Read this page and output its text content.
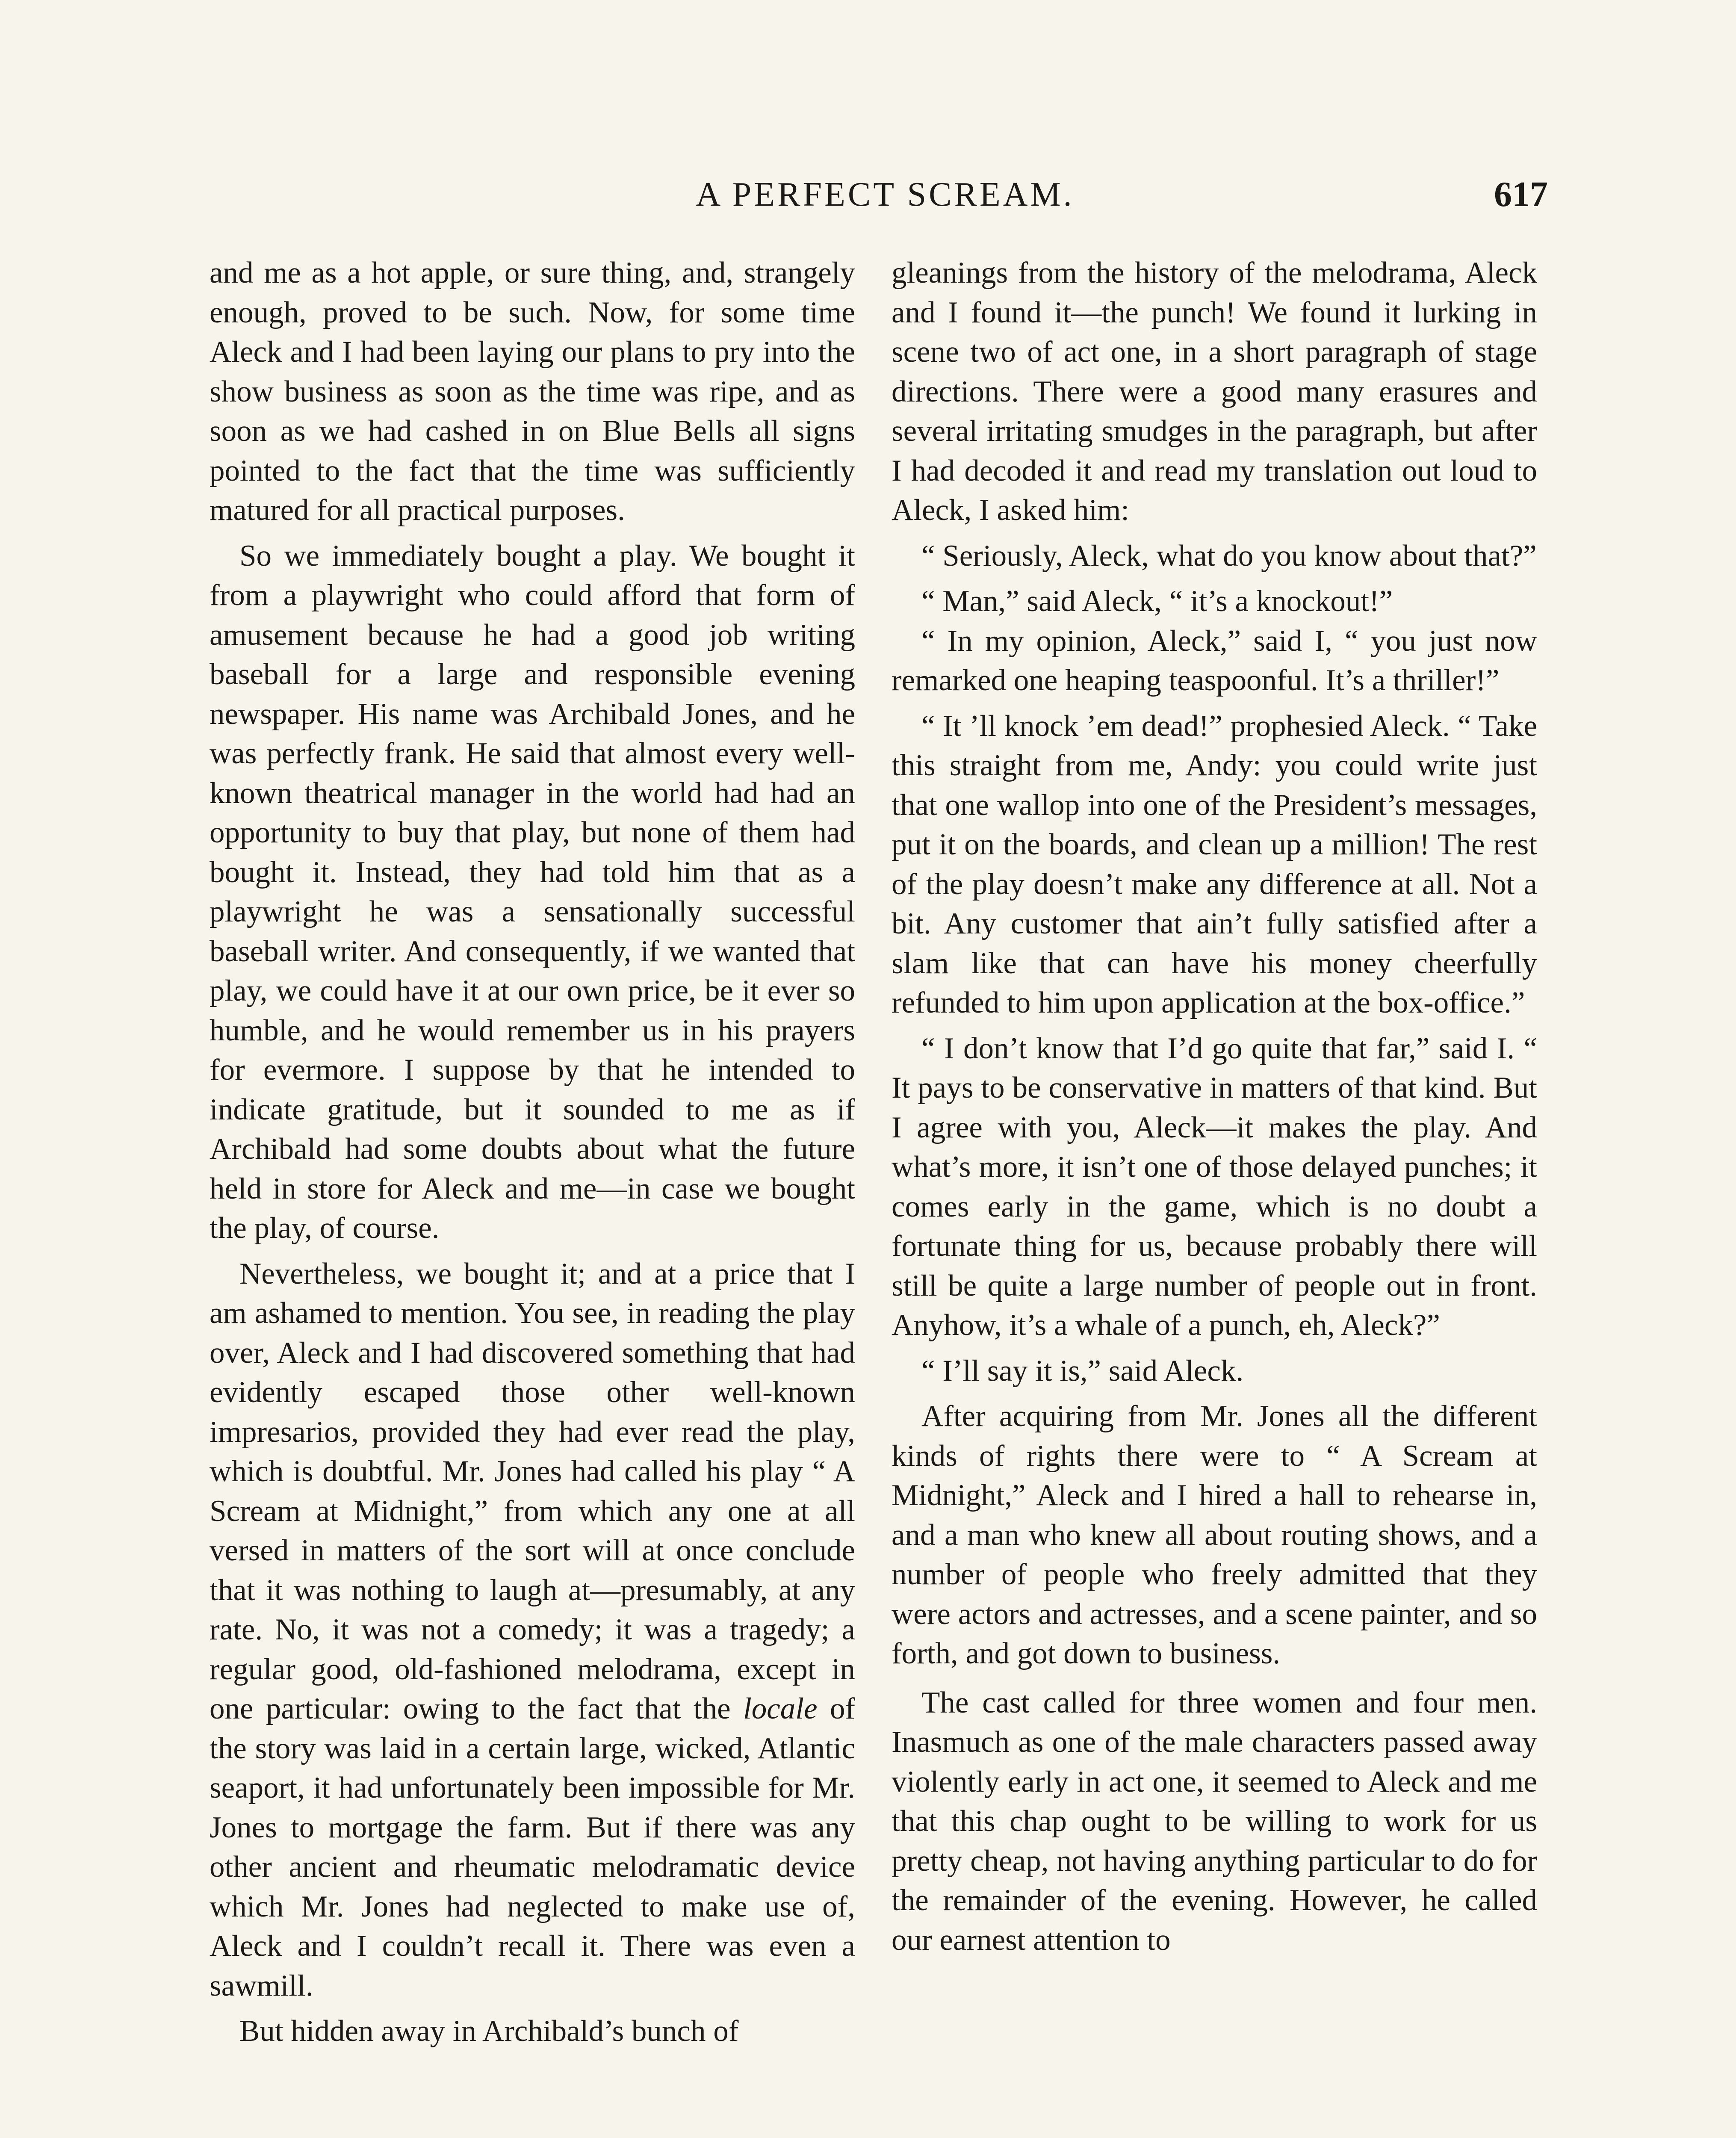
A PERFECT SCREAM.	617

and me as a hot apple, or sure thing, and, strangely enough, proved to be such. Now, for some time Aleck and I had been laying our plans to pry into the show business as soon as the time was ripe, and as soon as we had cashed in on Blue Bells all signs pointed to the fact that the time was sufficiently matured for all practical purposes.

So we immediately bought a play. We bought it from a playwright who could afford that form of amusement because he had a good job writing baseball for a large and responsible evening newspaper. His name was Archibald Jones, and he was perfectly frank. He said that almost every well-known theatrical manager in the world had had an opportunity to buy that play, but none of them had bought it. Instead, they had told him that as a playwright he was a sensationally successful baseball writer. And consequently, if we wanted that play, we could have it at our own price, be it ever so humble, and he would remember us in his prayers for evermore. I suppose by that he intended to indicate gratitude, but it sounded to me as if Archibald had some doubts about what the future held in store for Aleck and me—in case we bought the play, of course.

Nevertheless, we bought it; and at a price that I am ashamed to mention. You see, in reading the play over, Aleck and I had discovered something that had evidently escaped those other well-known impresarios, provided they had ever read the play, which is doubtful. Mr. Jones had called his play “ A Scream at Midnight,” from which any one at all versed in matters of the sort will at once conclude that it was nothing to laugh at—presumably, at any rate. No, it was not a comedy; it was a tragedy; a regular good, old-fashioned melodrama, except in one particular: owing to the fact that the locale of the story was laid in a certain large, wicked, Atlantic seaport, it had unfortunately been impossible for Mr. Jones to mortgage the farm. But if there was any other ancient and rheumatic melodramatic device which Mr. Jones had neglected to make use of, Aleck and I couldn’t recall it. There was even a sawmill.

But hidden away in Archibald’s bunch of

gleanings from the history of the melodrama, Aleck and I found it—the punch! We found it lurking in scene two of act one, in a short paragraph of stage directions. There were a good many erasures and several irritating smudges in the paragraph, but after I had decoded it and read my translation out loud to Aleck, I asked him:

“ Seriously, Aleck, what do you know about that?”

“ Man,” said Aleck, “ it’s a knockout!”

“ In my opinion, Aleck,” said I, “ you just now remarked one heaping teaspoonful. It’s a thriller!”

“ It ’ll knock ’em dead!” prophesied Aleck. “ Take this straight from me, Andy: you could write just that one wallop into one of the President’s messages, put it on the boards, and clean up a million! The rest of the play doesn’t make any difference at all. Not a bit. Any customer that ain’t fully satisfied after a slam like that can have his money cheerfully refunded to him upon application at the box-office.”

“ I don’t know that I’d go quite that far,” said I. “ It pays to be conservative in matters of that kind. But I agree with you, Aleck—it makes the play. And what’s more, it isn’t one of those delayed punches; it comes early in the game, which is no doubt a fortunate thing for us, because probably there will still be quite a large number of people out in front. Anyhow, it’s a whale of a punch, eh, Aleck?”

“ I’ll say it is,” said Aleck.

After acquiring from Mr. Jones all the different kinds of rights there were to “ A Scream at Midnight,” Aleck and I hired a hall to rehearse in, and a man who knew all about routing shows, and a number of people who freely admitted that they were actors and actresses, and a scene painter, and so forth, and got down to business.

The cast called for three women and four men. Inasmuch as one of the male characters passed away violently early in act one, it seemed to Aleck and me that this chap ought to be willing to work for us pretty cheap, not having anything particular to do for the remainder of the evening. However, he called our earnest attention to
